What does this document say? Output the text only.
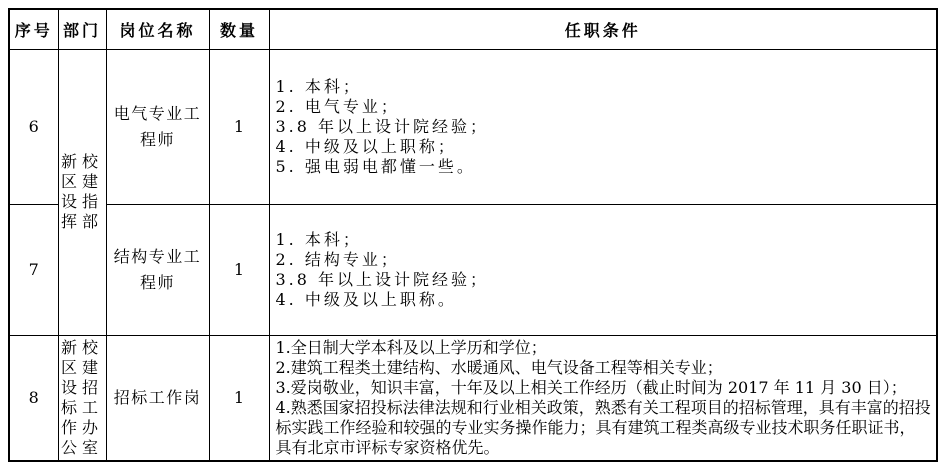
序号	部门	岗位名称	数量	任职条件
6	新校区建设指挥部	电气专业工程师	1	1. 本科；
2. 电气专业；
3.8 年以上设计院经验；
4. 中级及以上职称；
5. 强电弱电都懂一些。

7		结构专业工程师	1	1. 本科；
2. 结构专业；
3.8 年以上设计院经验；
4. 中级及以上职称。

8	新校区建设招标工作办公室	招标工作岗	1	1.全日制大学本科及以上学历和学位；
2.建筑工程类土建结构、水暖通风、电气设备工程等相关专业；
3.爱岗敬业，知识丰富，十年及以上相关工作经历（截止时间为 2017 年 11 月 30 日）；
4.熟悉国家招投标法律法规和行业相关政策，熟悉有关工程项目的招标管理，具有丰富的招投标实践工作经验和较强的专业实务操作能力；具有建筑工程类高级专业技术职务任职证书，具有北京市评标专家资格优先。
